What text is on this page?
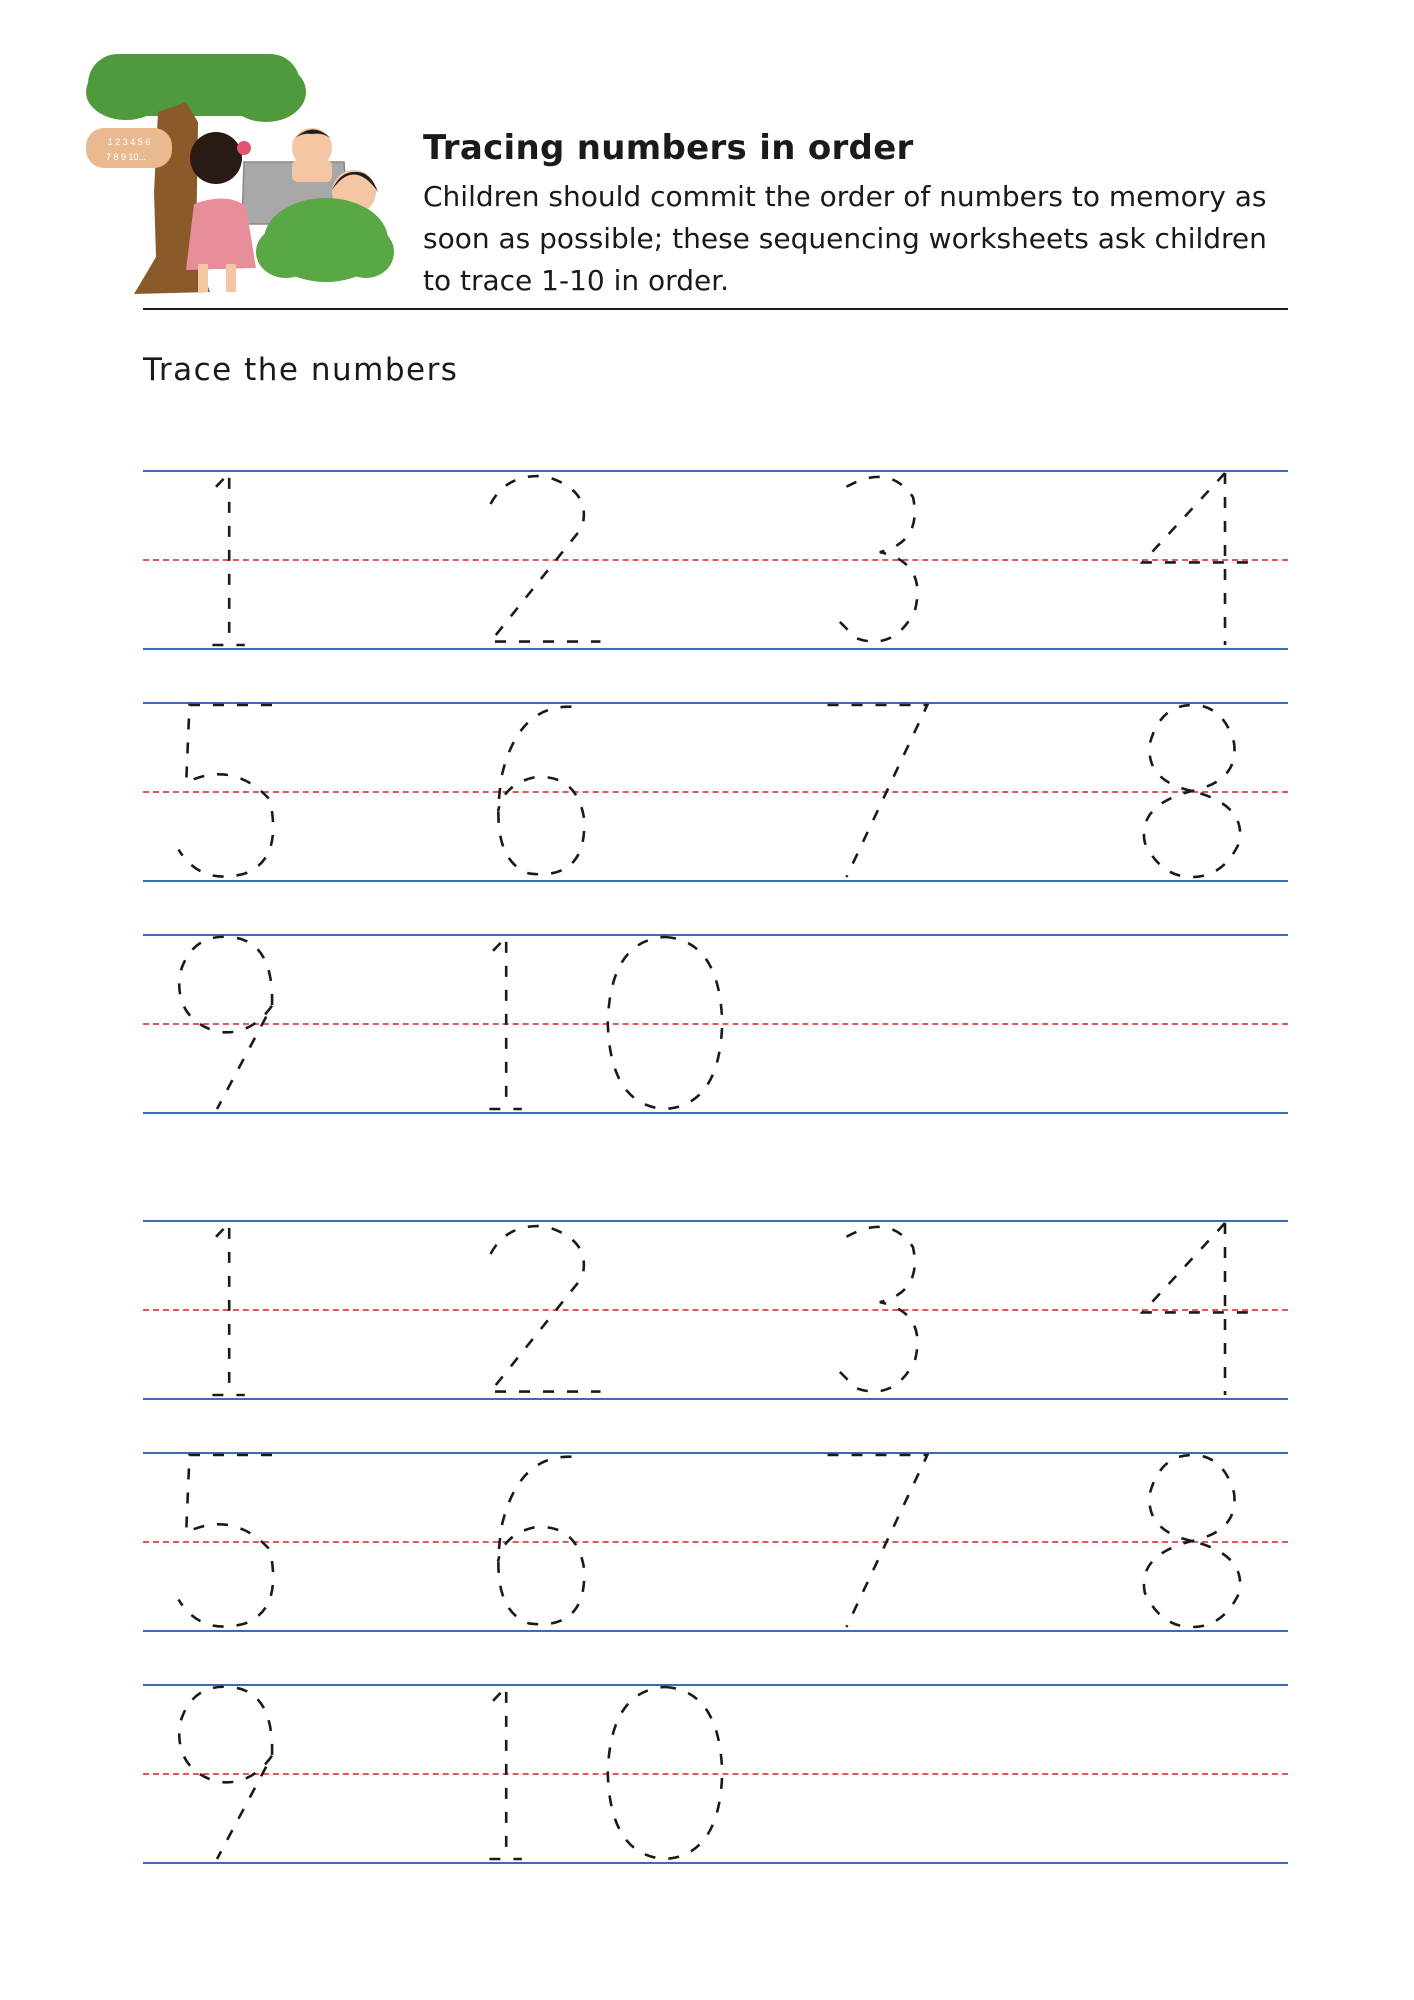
1 2 3 4 5 6
7 8 9 10...	Tracing numbers in order

Children should commit the order of numbers to memory as soon as possible; these sequencing worksheets ask children to trace 1-10 in order.

Trace the numbers
